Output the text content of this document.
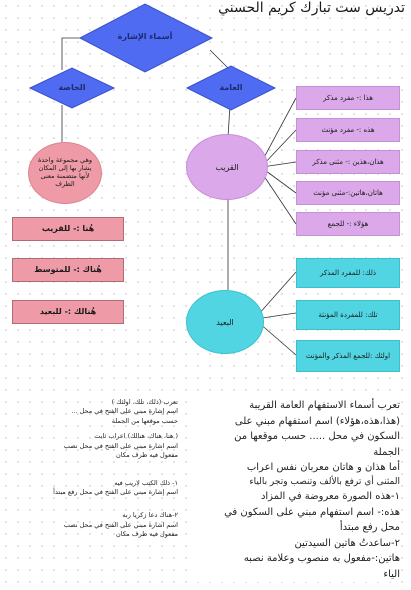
تدريس ست تبارك كريم الحسني
أسماء الإشارة
العامة
الخاصة
القريب
البعيد
وهي مجموعة واحدة يشار بها إلى المكان لأنها متضمنة معنى الظرف
هذا :- مفرد مذكر
هذه :- مفرد مؤنث
هذان،هذين :- مثنى مذكر
هاتان،هاتين:-مثنى مؤنث
هؤلاء :- للجمع
ذلك: للمفرد المذكر
تلك: للمفردة المؤنثة
اولئك :للجمع المذكر والمؤنث
هُنا :- للقريب
هُناك :- للمتوسط
هُنالك :- للبعيد

تعرب (ذلك، تلك، اولئك )

اسم إشارة مبني على الفتح في محل ...

حسب موقعها من الجملة

( هنا، هناك، هنالك) اعراب ثابت

اسم اشارة مبني على الفتح في محل نصب

مفعول فيه ظرف مكان

١- ذلك الكتب لاريب فيه

اسم إشارة مبني على الفتح في محل رفع مبتدأ

٢-هناك دعا زكريا ربه

اسم اشارة مبني على الفتح في محل نصب

مفعول فيه ظرف مكان

تعرب أسماء الاستفهام العامة القريبة

(هذا،هذه،هؤلاء) اسم استفهام مبني على

السكون في محل ..... حسب موقعها من

الجملة

أما هذان و هاتان معربان نفس اعراب

المثنى أي ترفع بالألف وتنصب وتجر بالياء

١-هذه الصورة معروضة في المزاد

هذه:- اسم استفهام مبني على السكون في

محل رفع مبتدأ

٢-ساعدتُ هاتين السيدتين

هاتين:-مفعول به منصوب وعلامة نصبه

الياء
